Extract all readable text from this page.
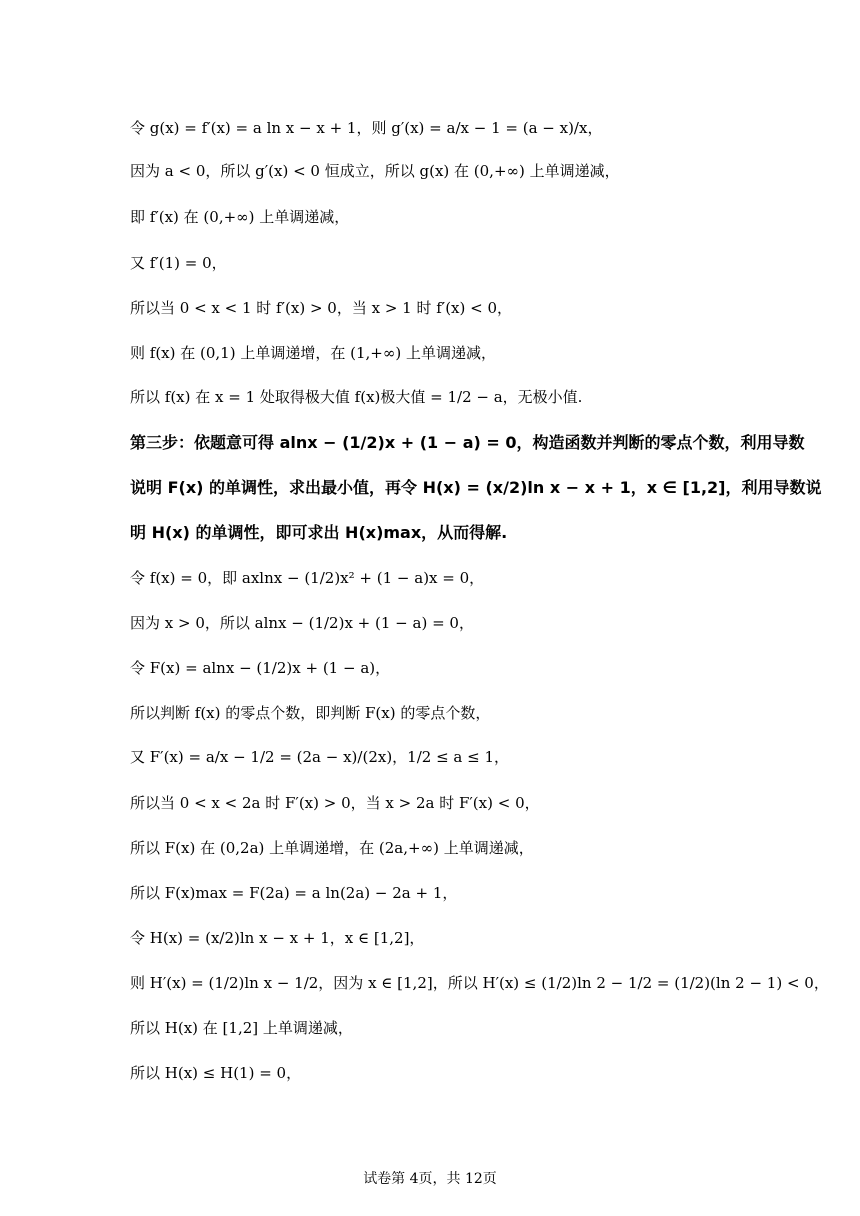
令 g(x) = f′(x) = a ln x − x + 1，则 g′(x) = a/x − 1 = (a − x)/x，
因为 a < 0，所以 g′(x) < 0 恒成立，所以 g(x) 在 (0,+∞) 上单调递减，
即 f′(x) 在 (0,+∞) 上单调递减，
又 f′(1) = 0，
所以当 0 < x < 1 时 f′(x) > 0，当 x > 1 时 f′(x) < 0，
则 f(x) 在 (0,1) 上单调递增，在 (1,+∞) 上单调递减，
所以 f(x) 在 x = 1 处取得极大值 f(x)极大值 = 1/2 − a，无极小值.
第三步：依题意可得 alnx − (1/2)x + (1 − a) = 0，构造函数并判断的零点个数，利用导数
说明 F(x) 的单调性，求出最小值，再令 H(x) = (x/2)ln x − x + 1，x ∈ [1,2]，利用导数说
明 H(x) 的单调性，即可求出 H(x)max，从而得解.
令 f(x) = 0，即 axlnx − (1/2)x² + (1 − a)x = 0，
因为 x > 0，所以 alnx − (1/2)x + (1 − a) = 0，
令 F(x) = alnx − (1/2)x + (1 − a)，
所以判断 f(x) 的零点个数，即判断 F(x) 的零点个数，
又 F′(x) = a/x − 1/2 = (2a − x)/(2x)，1/2 ≤ a ≤ 1，
所以当 0 < x < 2a 时 F′(x) > 0，当 x > 2a 时 F′(x) < 0，
所以 F(x) 在 (0,2a) 上单调递增，在 (2a,+∞) 上单调递减，
所以 F(x)max = F(2a) = a ln(2a) − 2a + 1，
令 H(x) = (x/2)ln x − x + 1，x ∈ [1,2]，
则 H′(x) = (1/2)ln x − 1/2，因为 x ∈ [1,2]，所以 H′(x) ≤ (1/2)ln 2 − 1/2 = (1/2)(ln 2 − 1) < 0，
所以 H(x) 在 [1,2] 上单调递减，
所以 H(x) ≤ H(1) = 0，
试卷第 4页，共 12页
